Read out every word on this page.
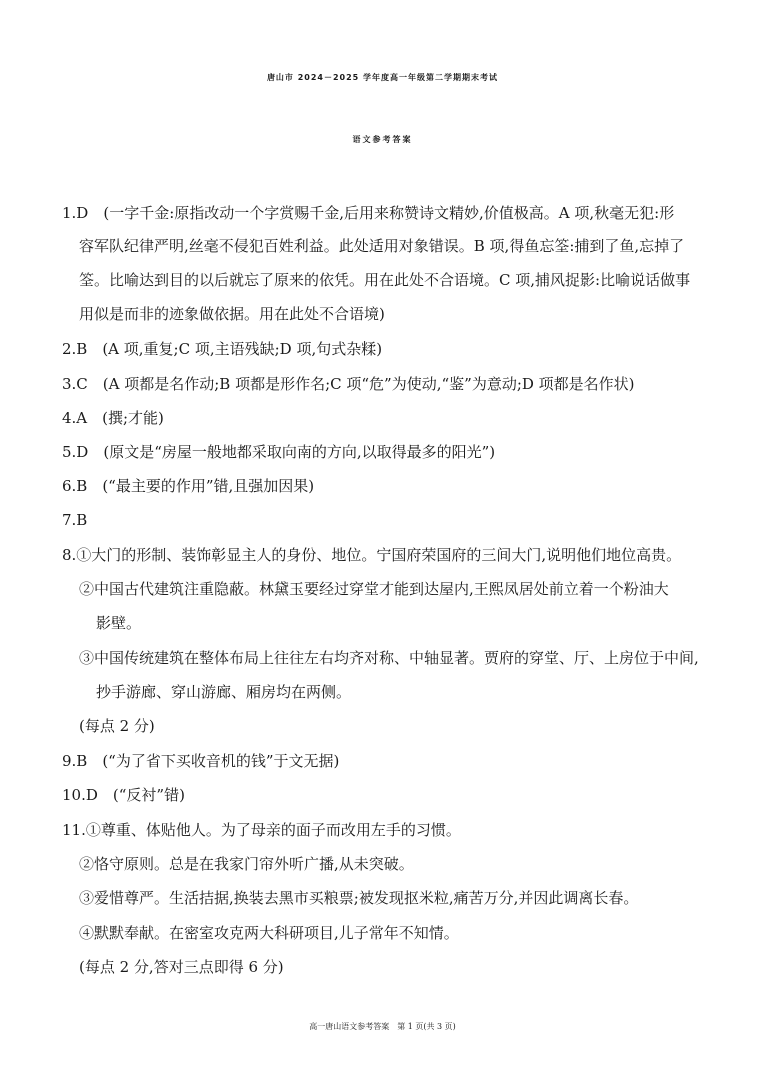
唐山市 2024－2025 学年度高一年级第二学期期末考试
语文参考答案
1.D　(一字千金:原指改动一个字赏赐千金,后用来称赞诗文精妙,价值极高。A 项,秋毫无犯:形
容军队纪律严明,丝毫不侵犯百姓利益。此处适用对象错误。B 项,得鱼忘筌:捕到了鱼,忘掉了
筌。比喻达到目的以后就忘了原来的依凭。用在此处不合语境。C 项,捕风捉影:比喻说话做事
用似是而非的迹象做依据。用在此处不合语境)
2.B　(A 项,重复;C 项,主语残缺;D 项,句式杂糅)
3.C　(A 项都是名作动;B 项都是形作名;C 项“危”为使动,“鉴”为意动;D 项都是名作状)
4.A　(撰;才能)
5.D　(原文是“房屋一般地都采取向南的方向,以取得最多的阳光”)
6.B　(“最主要的作用”错,且强加因果)
7.B
8.①大门的形制、装饰彰显主人的身份、地位。宁国府荣国府的三间大门,说明他们地位高贵。
②中国古代建筑注重隐蔽。林黛玉要经过穿堂才能到达屋内,王熙凤居处前立着一个粉油大
影壁。
③中国传统建筑在整体布局上往往左右均齐对称、中轴显著。贾府的穿堂、厅、上房位于中间,
抄手游廊、穿山游廊、厢房均在两侧。
(每点 2 分)
9.B　(“为了省下买收音机的钱”于文无据)
10.D　(“反衬”错)
11.①尊重、体贴他人。为了母亲的面子而改用左手的习惯。
②恪守原则。总是在我家门帘外听广播,从未突破。
③爱惜尊严。生活拮据,换装去黑市买粮票;被发现抠米粒,痛苦万分,并因此调离长春。
④默默奉献。在密室攻克两大科研项目,儿子常年不知情。
(每点 2 分,答对三点即得 6 分)
高一唐山语文参考答案　第 1 页(共 3 页)
